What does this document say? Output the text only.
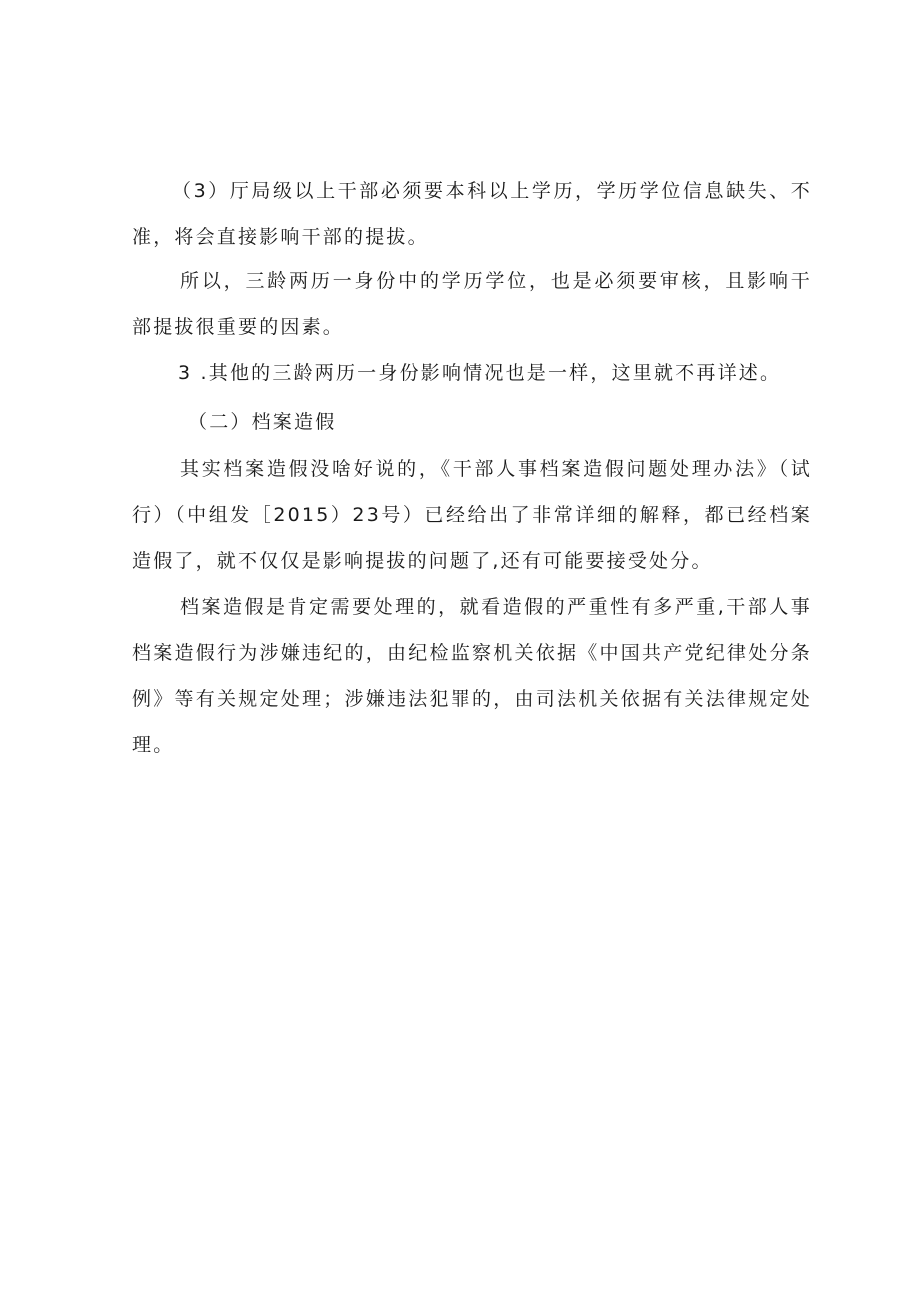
（3）厅局级以上干部必须要本科以上学历，学历学位信息缺失、不准，将会直接影响干部的提拔。

所以，三龄两历一身份中的学历学位，也是必须要审核，且影响干部提拔很重要的因素。

3 .其他的三龄两历一身份影响情况也是一样，这里就不再详述。

（二）档案造假

其实档案造假没啥好说的，《干部人事档案造假问题处理办法》（试行）（中组发［2015）23号）已经给出了非常详细的解释，都已经档案造假了，就不仅仅是影响提拔的问题了,还有可能要接受处分。

档案造假是肯定需要处理的，就看造假的严重性有多严重,干部人事档案造假行为涉嫌违纪的，由纪检监察机关依据《中国共产党纪律处分条例》等有关规定处理；涉嫌违法犯罪的，由司法机关依据有关法律规定处理。
